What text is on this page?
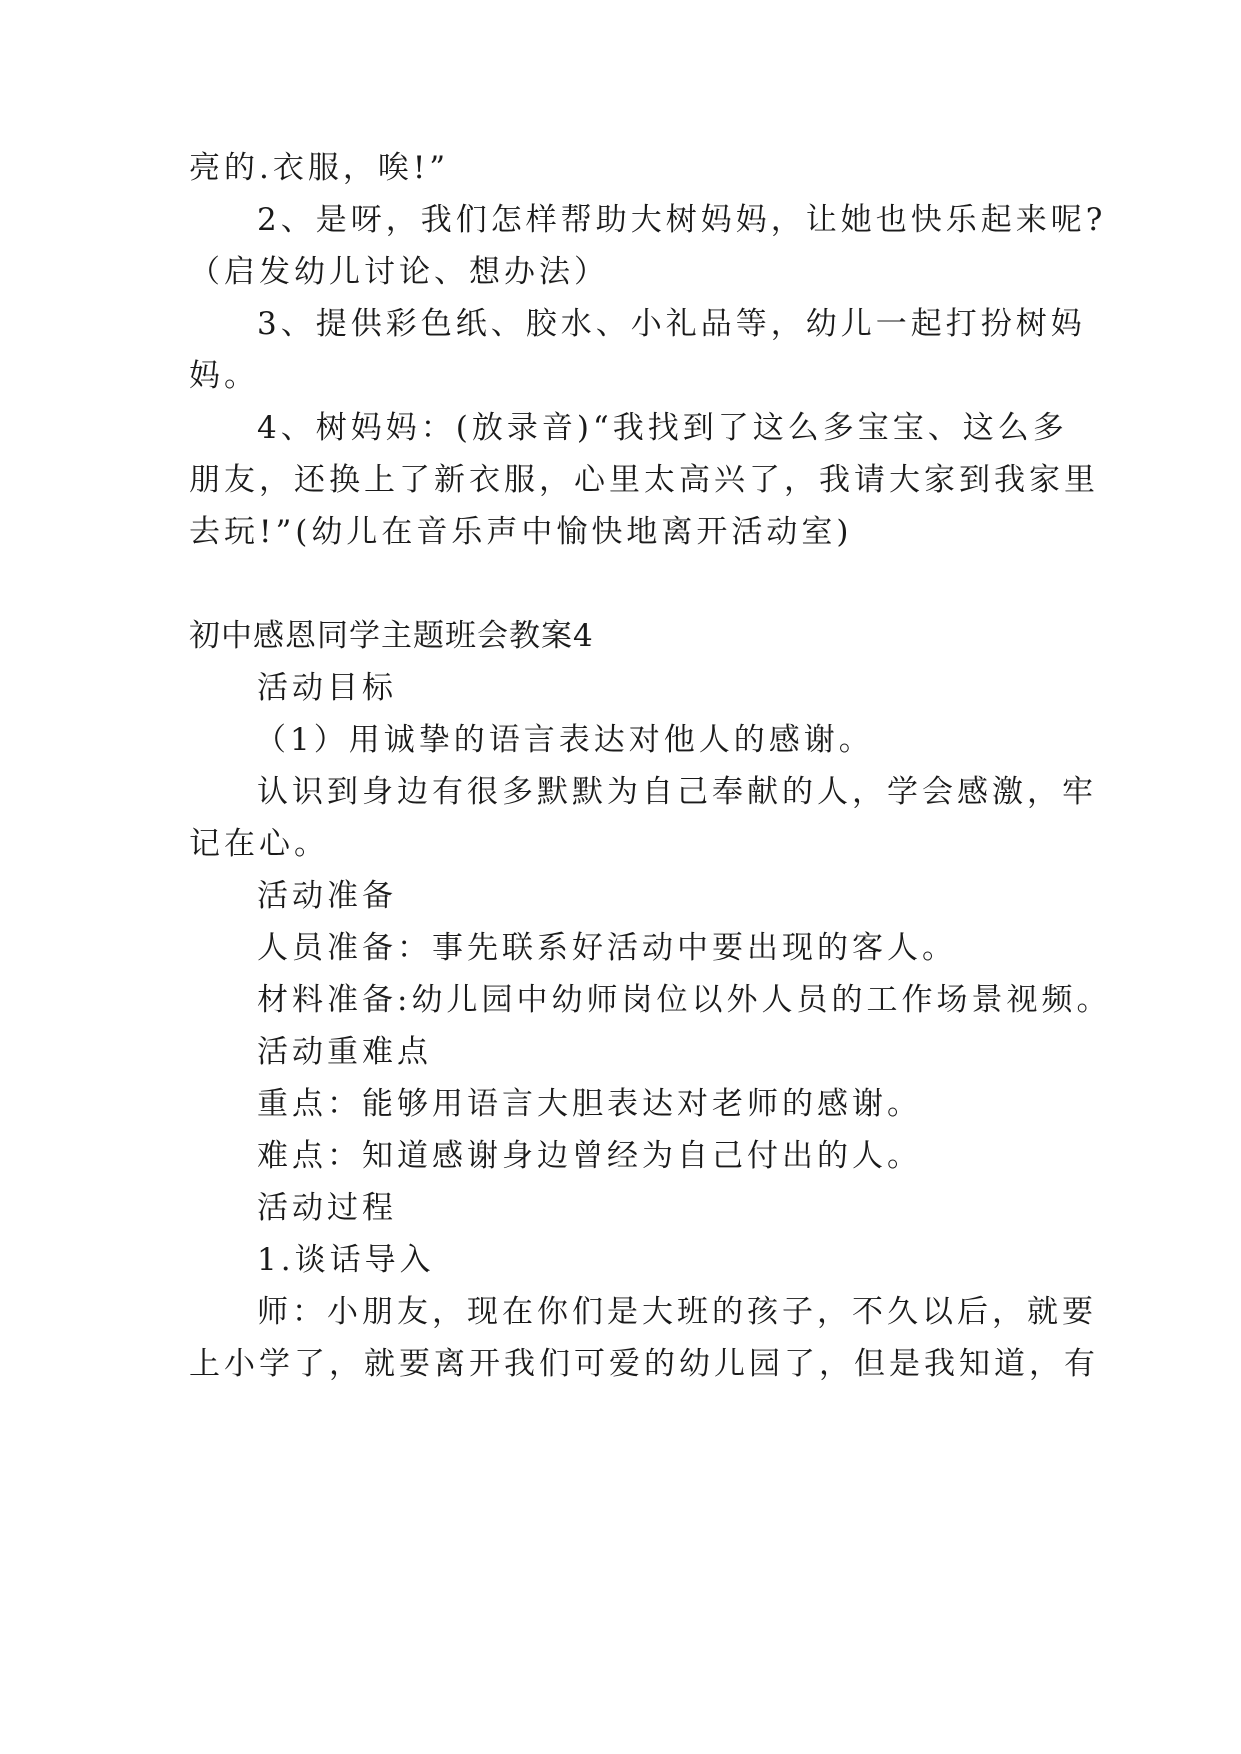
亮的.衣服，唉!”
2、是呀，我们怎样帮助大树妈妈，让她也快乐起来呢?
（启发幼儿讨论、想办法）
3、提供彩色纸、胶水、小礼品等，幼儿一起打扮树妈
妈。
4、树妈妈：(放录音)“我找到了这么多宝宝、这么多
朋友，还换上了新衣服，心里太高兴了，我请大家到我家里
去玩!”(幼儿在音乐声中愉快地离开活动室)
初中感恩同学主题班会教案4
活动目标
（1）用诚挚的语言表达对他人的感谢。
认识到身边有很多默默为自己奉献的人，学会感激，牢
记在心。
活动准备
人员准备：事先联系好活动中要出现的客人。
材料准备:幼儿园中幼师岗位以外人员的工作场景视频。
活动重难点
重点：能够用语言大胆表达对老师的感谢。
难点：知道感谢身边曾经为自己付出的人。
活动过程
1.谈话导入
师：小朋友，现在你们是大班的孩子，不久以后，就要
上小学了，就要离开我们可爱的幼儿园了，但是我知道，有
